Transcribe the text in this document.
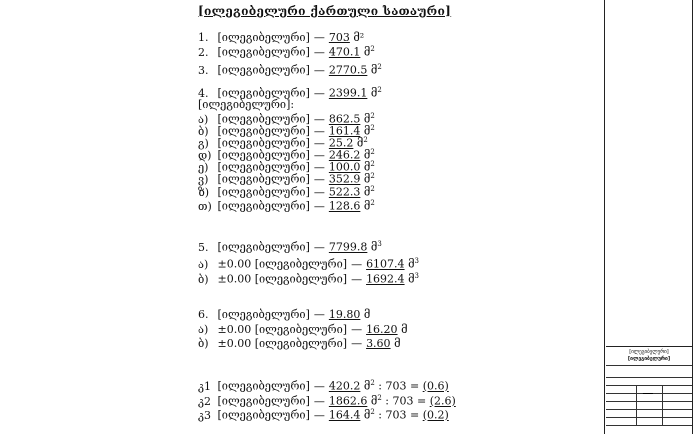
[ილეგიბელური ქართული სათაური]
1. [ილეგიბელური] — 703 მ²
2. [ილეგიბელური] — 470.1 მ$^2$
3. [ილეგიბელური] — 2770.5 მ$^2$
4. [ილეგიბელური] — 2399.1 მ$^2$
[ილეგიბელური]:
ა) [ილეგიბელური] — 862.5 მ$^2$
ბ) [ილეგიბელური] — 161.4 მ$^2$
გ) [ილეგიბელური] — 25.2 მ$^2$
დ) [ილეგიბელური] — 246.2 მ$^2$
ე) [ილეგიბელური] — 100.0 მ$^2$
ვ) [ილეგიბელური] — 352.9 მ$^2$
ზ) [ილეგიბელური] — 522.3 მ$^2$
თ) [ილეგიბელური] — 128.6 მ$^2$
5. [ილეგიბელური] — 7799.8 მ$^3$
ა) ±0.00 [ილეგიბელური] — 6107.4 მ$^3$
ბ) ±0.00 [ილეგიბელური] — 1692.4 მ$^3$
6. [ილეგიბელური] — 19.80 მ
ა) ±0.00 [ილეგიბელური] — 16.20 მ
ბ) ±0.00 [ილეგიბელური] — 3.60 მ
კ1 [ილეგიბელური] — 420.2 მ$^2$ : 703 = (0.6)
კ2 [ილეგიბელური] — 1862.6 მ$^2$ : 703 = (2.6)
კ3 [ილეგიბელური] — 164.4 მ$^2$ : 703 = (0.2)
[ილეგიბელური]
[ილეგიბელური]
